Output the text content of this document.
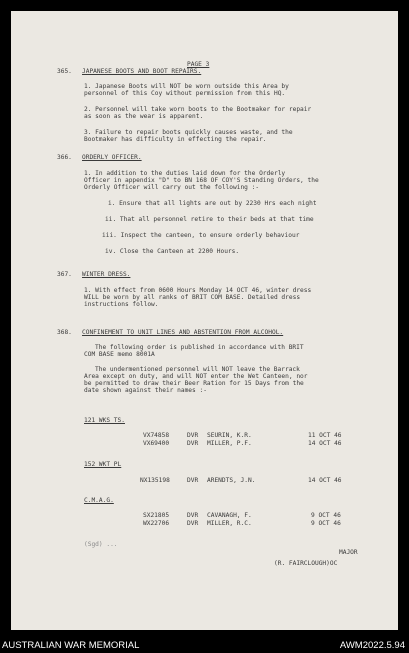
PAGE 3
365. JAPANESE BOOTS AND BOOT REPAIRS.
1. Japanese Boots will NOT be worn outside this Area by
personnel of this Coy without permission from this HQ.
2. Personnel will take worn boots to the Bootmaker for repair
as soon as the wear is apparent.
3. Failure to repair boots quickly causes waste, and the
Bootmaker has difficulty in effecting the repair.
366. ORDERLY OFFICER.
1. In addition to the duties laid down for the Orderly
Officer in appendix "D" to BN 168 OF COY'S Standing Orders, the
Orderly Officer will carry out the following :-
i. Ensure that all lights are out by 2230 Hrs each night
ii. That all personnel retire to their beds at that time
iii. Inspect the canteen, to ensure orderly behaviour
iv. Close the Canteen at 2200 Hours.
367. WINTER DRESS.
1. With effect from 0600 Hours Monday 14 OCT 46, winter dress
WILL be worn by all ranks of BRIT COM BASE. Detailed dress
instructions follow.
368. CONFINEMENT TO UNIT LINES AND ABSTENTION FROM ALCOHOL.
The following order is published in accordance with BRIT
COM BASE memo 8001A
The undermentioned personnel will NOT leave the Barrack
Area except on duty, and will NOT enter the Wet Canteen, nor
be permitted to draw their Beer Ration for 15 Days from the
date shown against their names :-
121 WKS TS.
VX74858	DVR SEURIN, K.R.	11 OCT 46
VX69400	DVR MILLER, P.F.	14 OCT 46
152 WKT PL
NX135198	DVR ARENDTS, J.N.	14 OCT 46
C.M.A.G.
SX21805	DVR CAVANAGH, F.	9 OCT 46
WX22706	DVR MILLER, R.C.	9 OCT 46
(Sgd) ...
MAJOR
(R. FAIRCLOUGH)OC
AUSTRALIAN WAR MEMORIAL	AWM2022.5.94
